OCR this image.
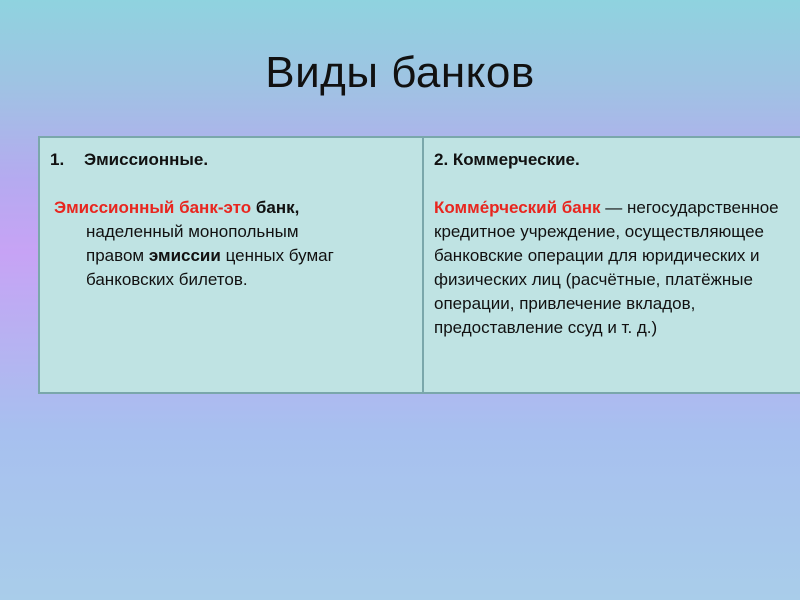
Виды банков
1.	Эмиссионные.
Эмиссионный банк-это банк,
наделенный монопольным
правом эмиссии ценных бумаг
банковских билетов.

2. Коммерческие.
Комме́рческий банк — негосударственное кредитное учреждение, осуществляющее банковские операции для юридических и физических лиц (расчётные, платёжные операции, привлечение вкладов, предоставление ссуд и т. д.)
